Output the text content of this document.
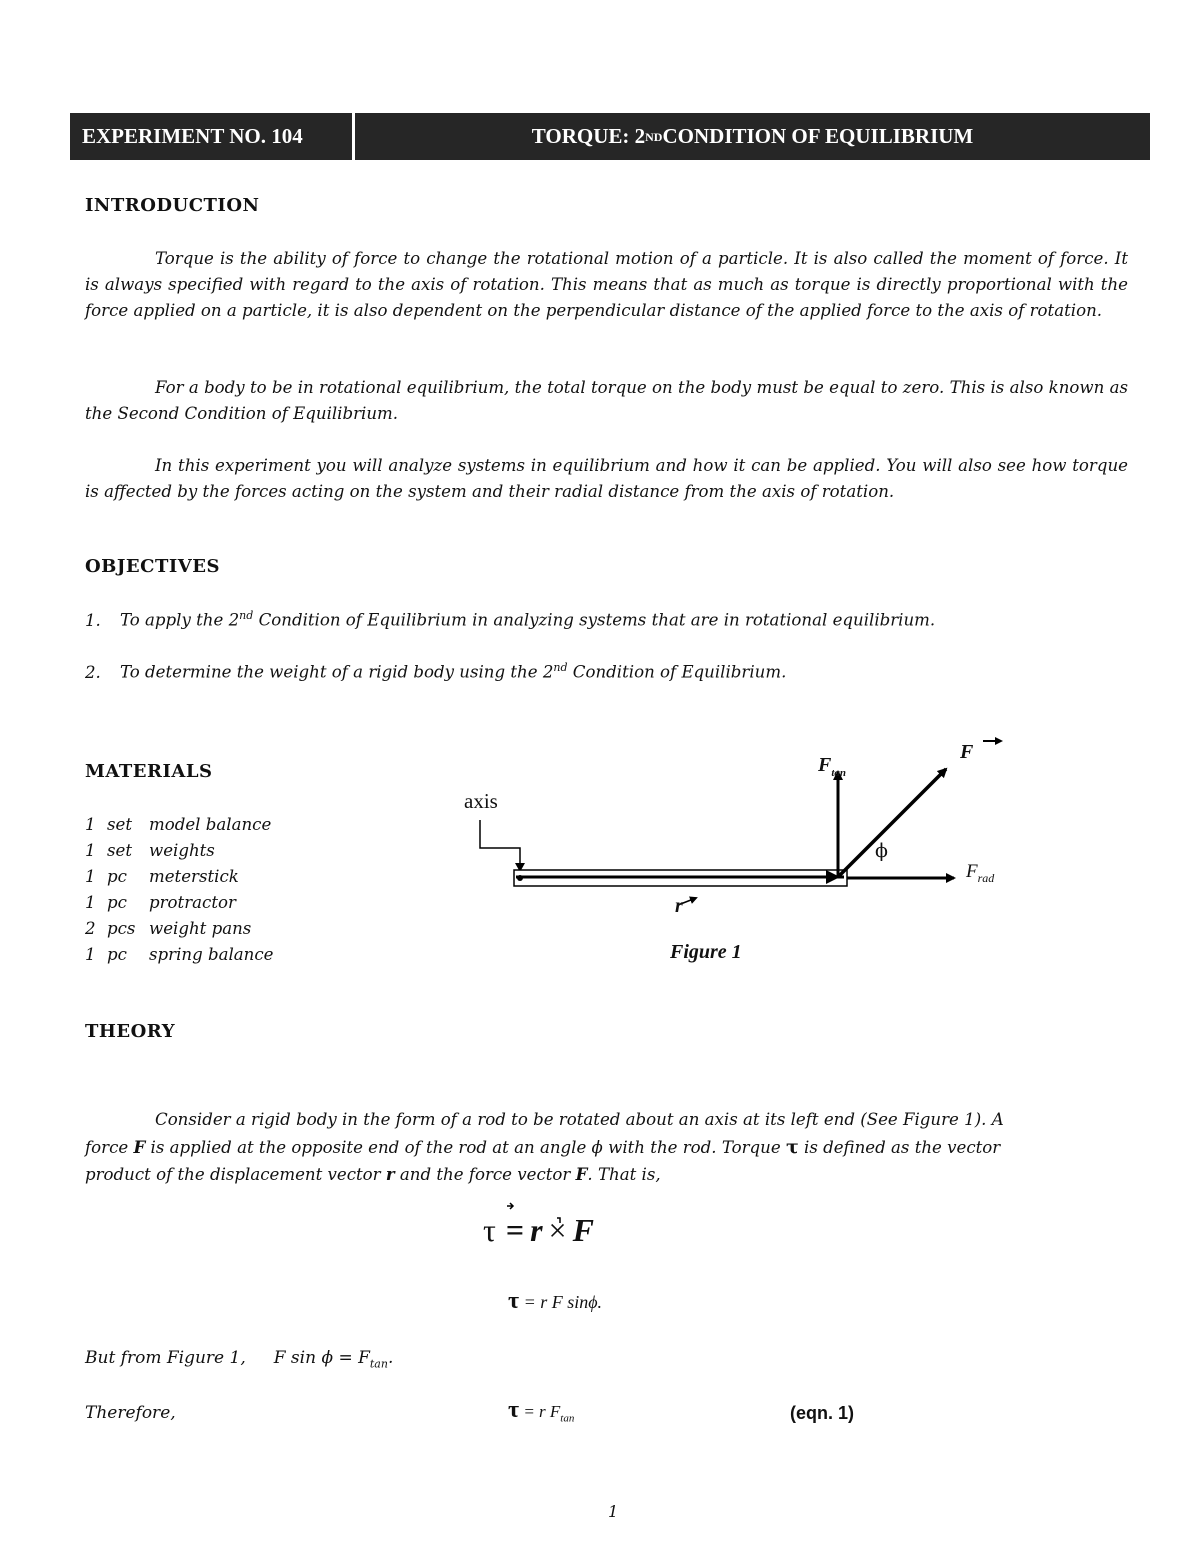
EXPERIMENT NO. 104	TORQUE: 2 ND CONDITION OF EQUILIBRIUM
INTRODUCTION
Torque is the ability of force to change the rotational motion of a particle. It is also called the moment of force. It is always specified with regard to the axis of rotation. This means that as much as torque is directly proportional with the force applied on a particle, it is also dependent on the perpendicular distance of the applied force to the axis of rotation.
For a body to be in rotational equilibrium, the total torque on the body must be equal to zero. This is also known as the Second Condition of Equilibrium.
In this experiment you will analyze systems in equilibrium and how it can be applied. You will also see how torque is affected by the forces acting on the system and their radial distance from the axis of rotation.
OBJECTIVES
1. To apply the 2nd Condition of Equilibrium in analyzing systems that are in rotational equilibrium.
2. To determine the weight of a rigid body using the 2nd Condition of Equilibrium.
MATERIALS
1 set model balance
1 set weights
1 pc meterstick
1 pc protractor
2 pcs weight pans
1 pc spring balance
axis
r
F
$F_{tan}$
$F_{rad}$
ϕ
Figure 1
THEORY
Consider a rigid body in the form of a rod to be rotated about an axis at its left end (See Figure 1). A
force F is applied at the opposite end of the rod at an angle ϕ with the rod. Torque τ is defined as the vector
product of the displacement vector r and the force vector F. That is,
τ = r × F
τ = r F sinϕ.
But from Figure 1, F $\sin \phi = F_{tan}$.
Therefore,	τ = r $F_{tan}$	(eqn. 1)
1
